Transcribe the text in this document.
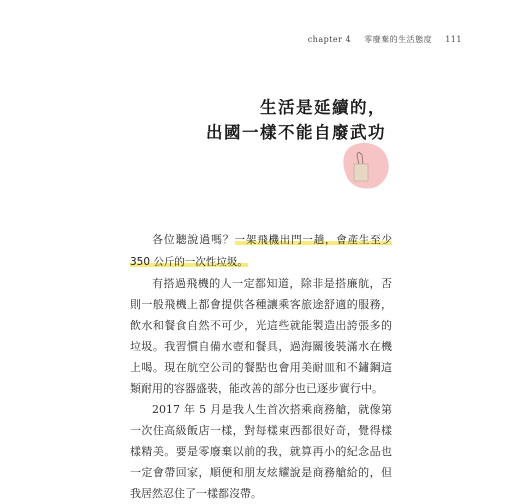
chapter 4 零廢棄的生活態度 111
生活是延續的，
出國一樣不能自廢武功

各位聽說過嗎？一架飛機出門一趟，會產生至少 350 公斤的一次性垃圾。

有搭過飛機的人一定都知道，除非是搭廉航，否則一般飛機上都會提供各種讓乘客旅途舒適的服務，飲水和餐食自然不可少，光這些就能製造出誇張多的垃圾。我習慣自備水壺和餐具，過海關後裝滿水在機上喝。現在航空公司的餐點也會用美耐皿和不鏽鋼這類耐用的容器盛裝，能改善的部分也已逐步實行中。

2017 年 5 月是我人生首次搭乘商務艙，就像第一次住高級飯店一樣，對每樣東西都很好奇，覺得樣樣精美。要是零廢棄以前的我，就算再小的紀念品也一定會帶回家，順便和朋友炫耀說是商務艙給的，但我居然忍住了一樣都沒帶。
